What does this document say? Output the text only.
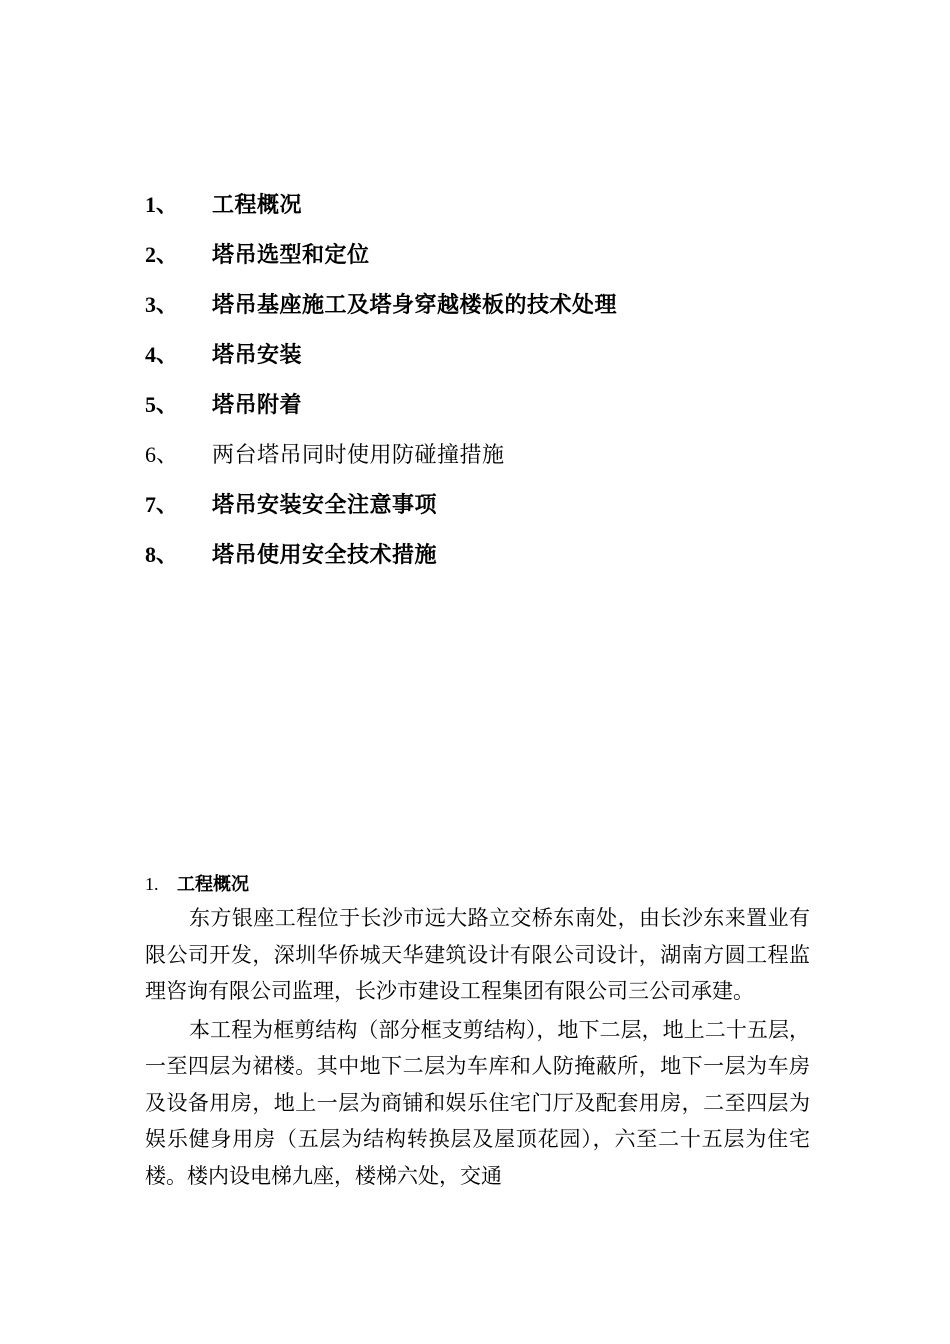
1、	工程概况
2、	塔吊选型和定位
3、	塔吊基座施工及塔身穿越楼板的技术处理
4、	塔吊安装
5、	塔吊附着
6、	两台塔吊同时使用防碰撞措施
7、	塔吊安装安全注意事项
8、	塔吊使用安全技术措施
1.	工程概况

东方银座工程位于长沙市远大路立交桥东南处，由长沙东来置业有限公司开发，深圳华侨城天华建筑设计有限公司设计，湖南方圆工程监理咨询有限公司监理，长沙市建设工程集团有限公司三公司承建。

本工程为框剪结构（部分框支剪结构），地下二层，地上二十五层，一至四层为裙楼。其中地下二层为车库和人防掩蔽所，地下一层为车房及设备用房，地上一层为商铺和娱乐住宅门厅及配套用房，二至四层为娱乐健身用房（五层为结构转换层及屋顶花园），六至二十五层为住宅楼。楼内设电梯九座，楼梯六处，交通
